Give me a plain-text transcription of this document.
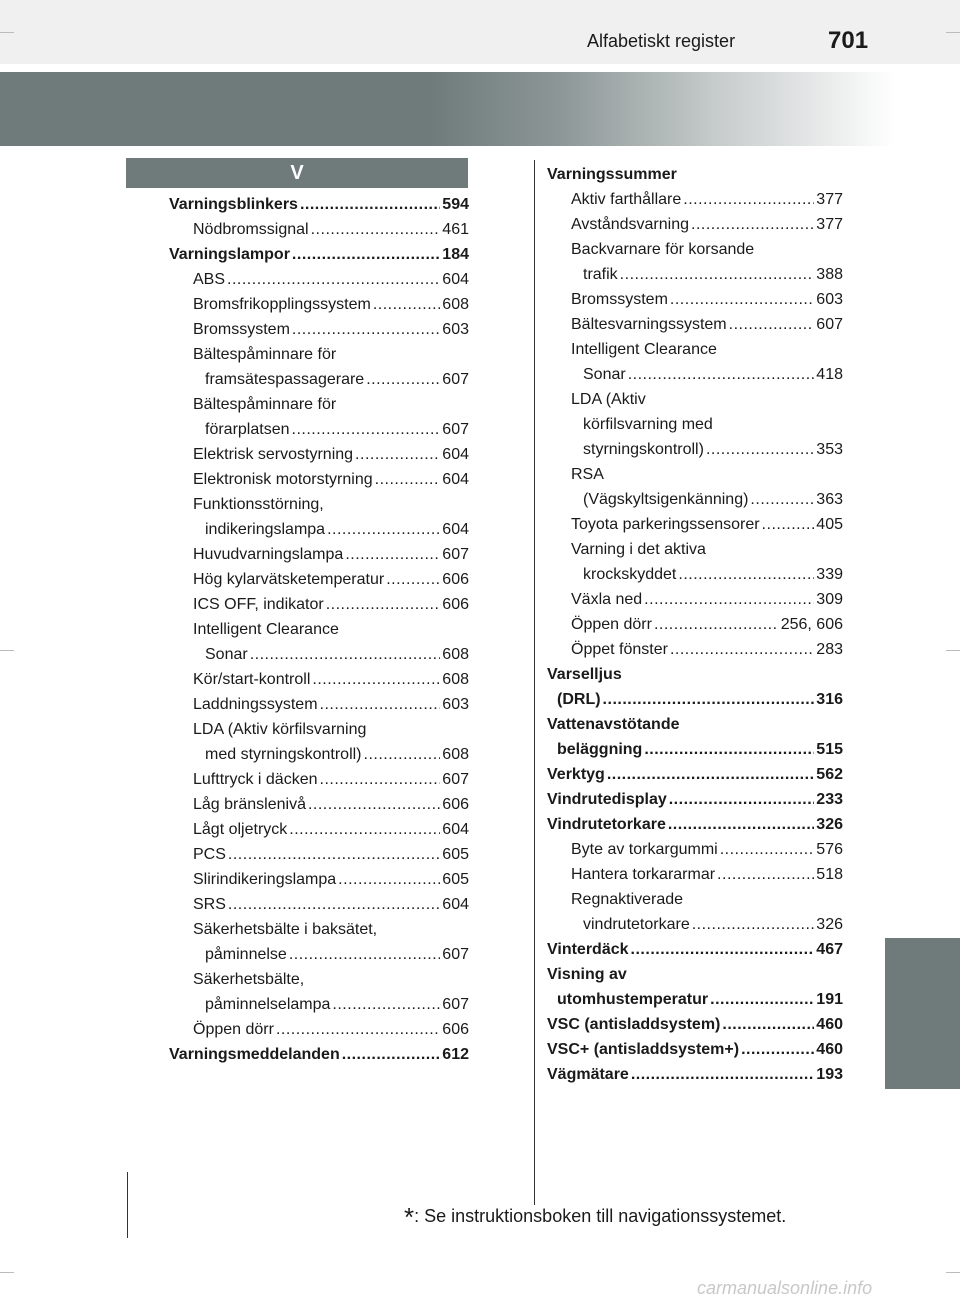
Alfabetiskt register	701
V
Varningsblinkers .....	594
Nödbromssignal .....	461
Varningslampor .....	184
ABS .....	604
Bromsfrikopplingssystem .....	608
Bromssystem .....	603
Bältespåminnare för
framsätespassagerare .....	607
Bältespåminnare för
förarplatsen .....	607
Elektrisk servostyrning .....	604
Elektronisk motorstyrning .....	604
Funktionsstörning,
indikeringslampa .....	604
Huvudvarningslampa .....	607
Hög kylarvätsketemperatur .....	606
ICS OFF, indikator .....	606
Intelligent Clearance
Sonar .....	608
Kör/start-kontroll .....	608
Laddningssystem .....	603
LDA (Aktiv körfilsvarning
med styrningskontroll) .....	608
Lufttryck i däcken .....	607
Låg bränslenivå .....	606
Lågt oljetryck .....	604
PCS .....	605
Slirindikeringslampa .....	605
SRS .....	604
Säkerhetsbälte i baksätet,
påminnelse .....	607
Säkerhetsbälte,
påminnelselampa .....	607
Öppen dörr .....	606
Varningsmeddelanden .....	612
Varningssummer
Aktiv farthållare .....	377
Avståndsvarning .....	377
Backvarnare för korsande
trafik .....	388
Bromssystem .....	603
Bältesvarningssystem .....	607
Intelligent Clearance
Sonar .....	418
LDA (Aktiv
körfilsvarning med
styrningskontroll) .....	353
RSA
(Vägskyltsigenkänning) .....	363
Toyota parkeringssensorer .....	405
Varning i det aktiva
krockskyddet .....	339
Växla ned .....	309
Öppen dörr .....	256, 606
Öppet fönster .....	283
Varselljus
(DRL) .....	316
Vattenavstötande
beläggning .....	515
Verktyg .....	562
Vindrutedisplay .....	233
Vindrutetorkare .....	326
Byte av torkargummi .....	576
Hantera torkararmar .....	518
Regnaktiverade
vindrutetorkare .....	326
Vinterdäck .....	467
Visning av
utomhustemperatur .....	191
VSC (antisladdsystem) .....	460
VSC+ (antisladdsystem+) .....	460
Vägmätare .....	193
*: Se instruktionsboken till navigationssystemet.
carmanualsonline.info
